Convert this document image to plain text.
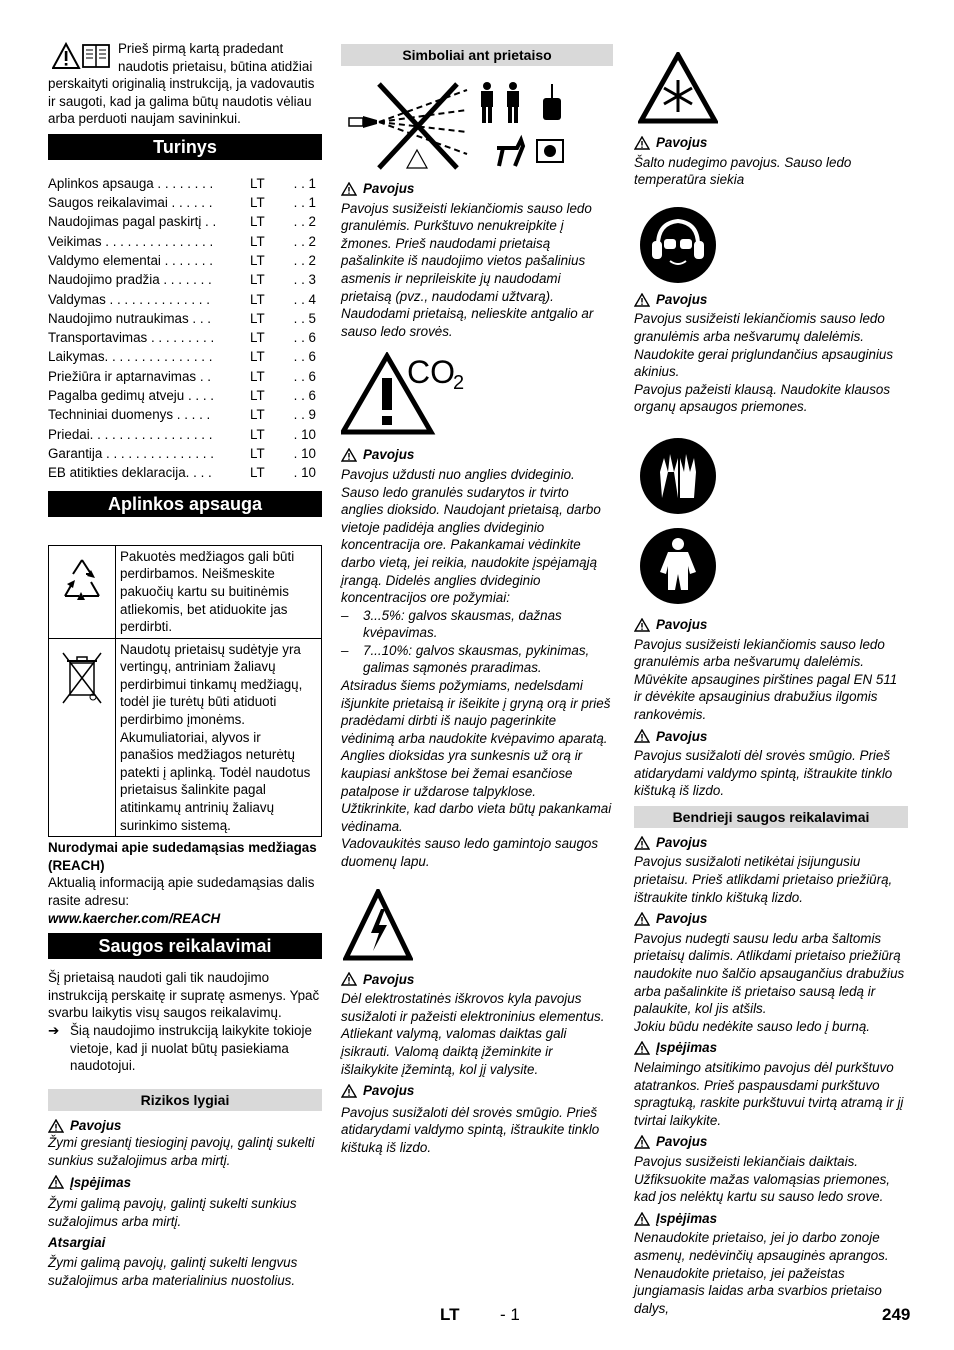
Prieš pirmą kartą pradedant naudotis prietaisu, būtina atidžiai perskaityti originalią instrukciją, ja vadovautis ir saugoti, kad ja galima būtų naudotis vėliau arba perduoti naujam savininkui.

Turinys
Aplinkos apsauga . . . . . . . .	LT	. . 1
Saugos reikalavimai . . . . . .	LT	. . 1
Naudojimas pagal paskirtį . .	LT	. . 2
Veikimas . . . . . . . . . . . . . . .	LT	. . 2
Valdymo elementai . . . . . . .	LT	. . 2
Naudojimo pradžia . . . . . . .	LT	. . 3
Valdymas . . . . . . . . . . . . . .	LT	. . 4
Naudojimo nutraukimas . . .	LT	. . 5
Transportavimas . . . . . . . . .	LT	. . 6
Laikymas. . . . . . . . . . . . . . .	LT	. . 6
Priežiūra ir aptarnavimas . .	LT	. . 6
Pagalba gedimų atveju . . . .	LT	. . 6
Techniniai duomenys . . . . .	LT	. . 9
Priedai. . . . . . . . . . . . . . . . .	LT	. 10
Garantija . . . . . . . . . . . . . . .	LT	. 10
EB atitikties deklaracija. . . .	LT	. 10
Aplinkos apsauga
	Pakuotės medžiagos gali būti perdirbamos. Neišmeskite pakuočių kartu su buitinėmis atliekomis, bet atiduokite jas perdirbti.

	Naudotų prietaisų sudėtyje yra vertingų, antriniam žaliavų perdirbimui tinkamų medžiagų, todėl jie turėtų būti atiduoti perdirbimo įmonėms. Akumuliatoriai, alyvos ir panašios medžiagos neturėtų patekti į aplinką. Todėl naudotus prietaisus šalinkite pagal atitinkamų antrinių žaliavų surinkimo sistemą.

Nurodymai apie sudedamąsias medžiagas (REACH)

Aktualią informaciją apie sudedamąsias dalis rasite adresu:

www.kaercher.com/REACH

Saugos reikalavimai

Šį prietaisą naudoti gali tik naudojimo instrukciją perskaitę ir supratę asmenys. Ypač svarbu laikytis visų saugos reikalavimų.

➔ Šią naudojimo instrukciją laikykite tokioje vietoje, kad ji nuolat būtų pasiekiama naudotojui.
Rizikos lygiai
Pavojus

Žymi gresiantį tiesioginį pavojų, galintį sukelti sunkius sužalojimus arba mirtį.

Įspėjimas

Žymi galimą pavojų, galintį sukelti sunkius sužalojimus arba mirtį.

Atsargiai

Žymi galimą pavojų, galintį sukelti lengvus sužalojimus arba materialinius nuostolius.

Simboliai ant prietaiso
Pavojus

Pavojus susižeisti lekiančiomis sauso ledo granulėmis. Purkštuvo nenukreipkite į žmones. Prieš naudodami prietaisą pašalinkite iš naudojimo vietos pašalinius asmenis ir neprileiskite jų naudodami prietaisą (pvz., naudodami užtvarą).

Naudodami prietaisą, nelieskite antgalio ar sauso ledo srovės.

CO
2
Pavojus

Pavojus uždusti nuo anglies dvideginio. Sauso ledo granulės sudarytos ir tvirto anglies dioksido. Naudojant prietaisą, darbo vietoje padidėja anglies dvideginio koncentracija ore. Pakankamai vėdinkite darbo vietą, jei reikia, naudokite įspėjamąją įrangą. Didelės anglies dvideginio koncentracijos ore požymiai:

–	3...5%: galvos skausmas, dažnas kvėpavimas.
–	7...10%: galvos skausmas, pykinimas, galimas sąmonės praradimas.

Atsiradus šiems požymiams, nedelsdami išjunkite prietaisą ir išeikite į gryną orą ir prieš pradėdami dirbti iš naujo pagerinkite vėdinimą arba naudokite kvėpavimo aparatą.

Anglies dioksidas yra sunkesnis už orą ir kaupiasi ankštose bei žemai esančiose patalpose ir uždarose talpyklose.

Užtikrinkite, kad darbo vieta būtų pakankamai vėdinama.

Vadovaukitės sauso ledo gamintojo saugos duomenų lapu.

Pavojus

Dėl elektrostatinės iškrovos kyla pavojus susižaloti ir pažeisti elektroninius elementus. Atliekant valymą, valomas daiktas gali įsikrauti. Valomą daiktą įžeminkite ir išlaikykite įžemintą, kol jį valysite.

Pavojus

Pavojus susižaloti dėl srovės smūgio. Prieš atidarydami valdymo spintą, ištraukite tinklo kištuką iš lizdo.

Pavojus

Šalto nudegimo pavojus. Sauso ledo temperatūra siekia

Pavojus

Pavojus susižeisti lekiančiomis sauso ledo granulėmis arba nešvarumų dalelėmis. Naudokite gerai priglundančius apsauginius akinius.

Pavojus pažeisti klausą. Naudokite klausos organų apsaugos priemones.

Pavojus

Pavojus susižeisti lekiančiomis sauso ledo granulėmis arba nešvarumų dalelėmis. Mūvėkite apsaugines pirštines pagal EN 511 ir dėvėkite apsauginius drabužius ilgomis rankovėmis.

Pavojus

Pavojus susižaloti dėl srovės smūgio. Prieš atidarydami valdymo spintą, ištraukite tinklo kištuką iš lizdo.

Bendrieji saugos reikalavimai
Pavojus

Pavojus susižaloti netikėtai įsijungusiu prietaisu. Prieš atlikdami prietaiso priežiūrą, ištraukite tinklo kištuką lizdo.

Pavojus

Pavojus nudegti sausu ledu arba šaltomis prietaisų dalimis. Atlikdami prietaiso priežiūrą naudokite nuo šalčio apsaugančius drabužius arba pašalinkite iš prietaiso sausą ledą ir palaukite, kol jis atšils.

Jokiu būdu nedėkite sauso ledo į burną.

Įspėjimas

Nelaimingo atsitikimo pavojus dėl purkštuvo atatrankos. Prieš paspausdami purkštuvo spragtuką, raskite purkštuvui tvirtą atramą ir jį tvirtai laikykite.

Pavojus

Pavojus susižeisti lekiančiais daiktais. Užfiksuokite mažas valomąsias priemones, kad jos nelėktų kartu su sauso ledo srove.

Įspėjimas

Nenaudokite prietaiso, jei jo darbo zonoje asmenų, nedėvinčių apsauginės aprangos. Nenaudokite prietaiso, jei pažeistas jungiamasis laidas arba svarbios prietaiso dalys,

LT - 1	249
